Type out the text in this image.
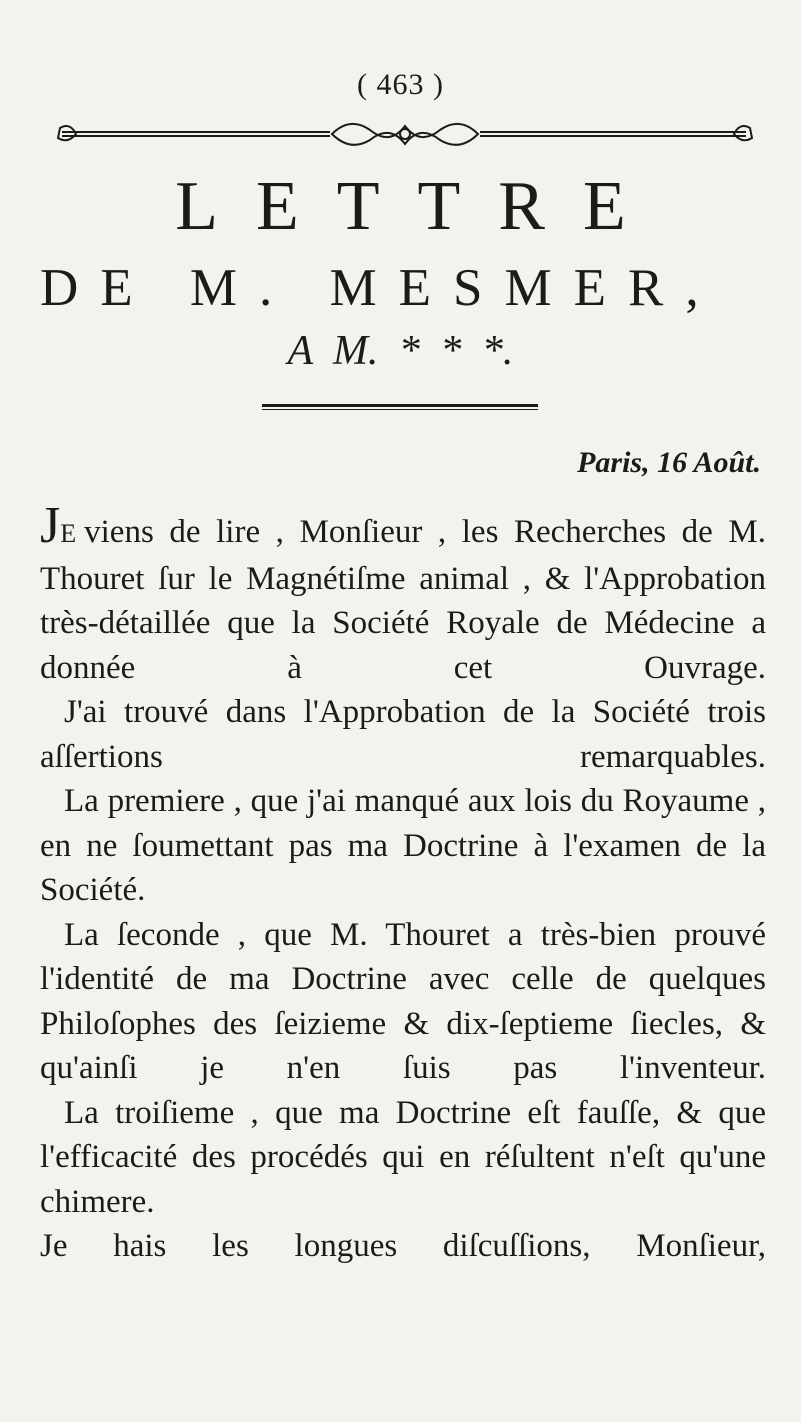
( 463 )
LETTRE
DE M. MESMER,
A M. * * *.
Paris, 16 Août.

JE viens de lire , Monſieur , les Recherches de M. Thouret ſur le Magnétiſme animal , & l'Approbation très-détaillée que la Société Royale de Médecine a donnée à cet Ouvrage.

J'ai trouvé dans l'Approbation de la Société trois aſſertions remarquables.

La premiere , que j'ai manqué aux lois du Royaume , en ne ſoumettant pas ma Doctrine à l'examen de la Société.

La ſeconde , que M. Thouret a très-bien prouvé l'identité de ma Doctrine avec celle de quelques Philoſophes des ſeizieme & dix-ſeptieme ſiecles, & qu'ainſi je n'en ſuis pas l'inventeur.

La troiſieme , que ma Doctrine eſt fauſſe, & que l'efficacité des procédés qui en réſultent n'eſt qu'une chimere.

Je hais les longues diſcuſſions, Monſieur,
